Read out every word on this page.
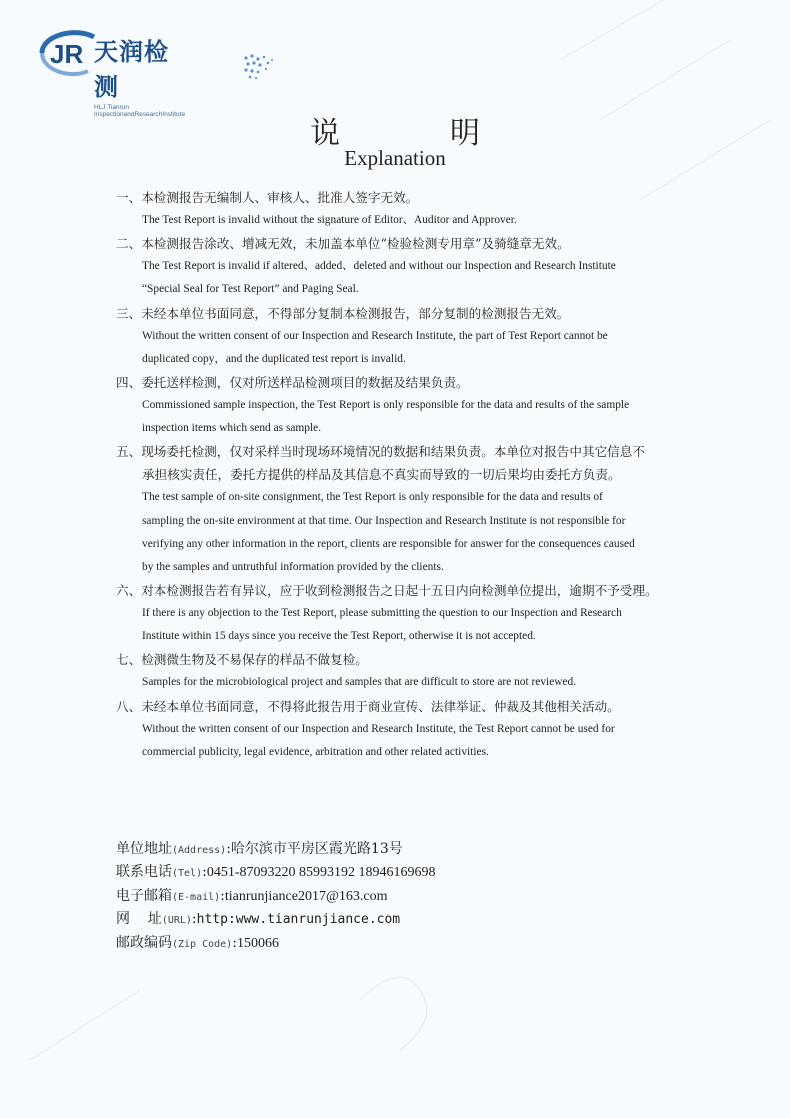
JR 天润检测
HLJ Tianrun InspectionandResearchInstitute
说明
Explanation
一、本检测报告无编制人、审核人、批准人签字无效。
The Test Report is invalid without the signature of Editor、Auditor and Approver.
二、本检测报告涂改、增减无效，未加盖本单位“检验检测专用章”及骑缝章无效。
The Test Report is invalid if altered、added、deleted and without our Inspection and Research Institute
“Special Seal for Test Report” and Paging Seal.
三、未经本单位书面同意，不得部分复制本检测报告，部分复制的检测报告无效。
Without the written consent of our Inspection and Research Institute, the part of Test Report cannot be
duplicated copy，and the duplicated test report is invalid.
四、委托送样检测，仅对所送样品检测项目的数据及结果负责。
Commissioned sample inspection, the Test Report is only responsible for the data and results of the sample
inspection items which send as sample.
五、现场委托检测，仅对采样当时现场环境情况的数据和结果负责。本单位对报告中其它信息不
承担核实责任，委托方提供的样品及其信息不真实而导致的一切后果均由委托方负责。
The test sample of on-site consignment, the Test Report is only responsible for the data and results of
sampling the on-site environment at that time. Our Inspection and Research Institute is not responsible for
verifying any other information in the report, clients are responsible for answer for the consequences caused
by the samples and untruthful information provided by the clients.
六、对本检测报告若有异议，应于收到检测报告之日起十五日内向检测单位提出，逾期不予受理。
If there is any objection to the Test Report, please submitting the question to our Inspection and Research
Institute within 15 days since you receive the Test Report, otherwise it is not accepted.
七、检测微生物及不易保存的样品不做复检。
Samples for the microbiological project and samples that are difficult to store are not reviewed.
八、未经本单位书面同意，不得将此报告用于商业宣传、法律举证、仲裁及其他相关活动。
Without the written consent of our Inspection and Research Institute, the Test Report cannot be used for
commercial publicity, legal evidence, arbitration and other related activities.
单位地址(Address):哈尔滨市平房区霞光路13号
联系电话(Tel):0451-87093220 85993192 18946169698
电子邮箱(E-mail):tianrunjiance2017@163.com
网    址(URL):http:www.tianrunjiance.com
邮政编码(Zip Code):150066
